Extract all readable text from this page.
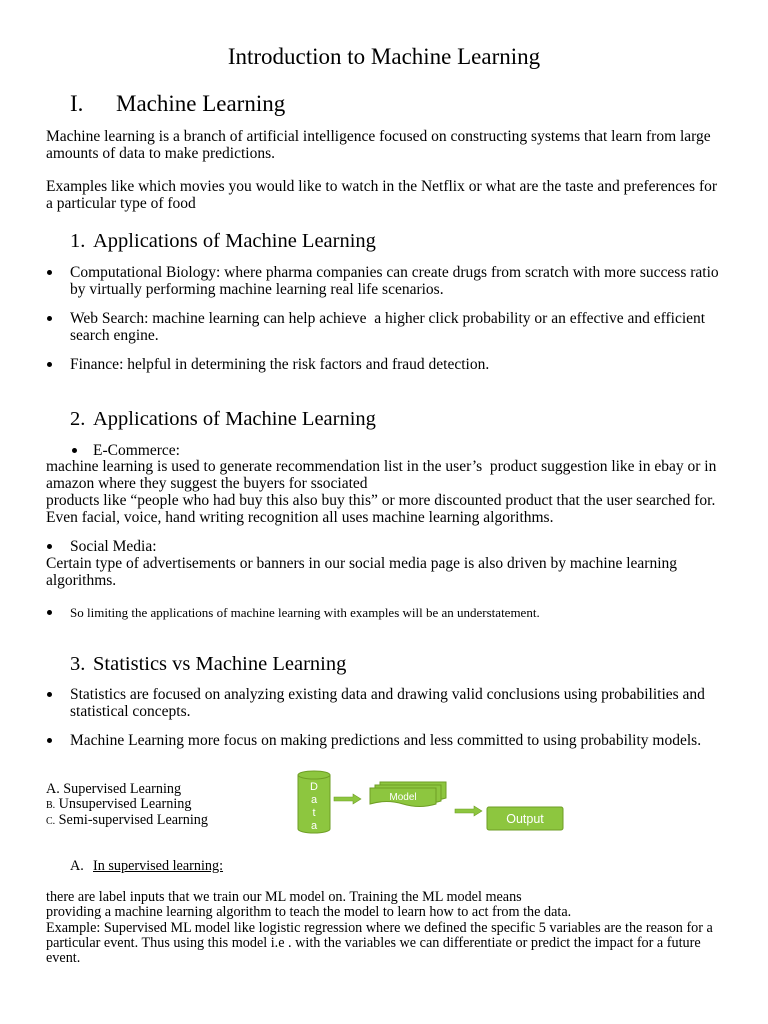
Introduction to Machine Learning
I. Machine Learning
Machine learning is a branch of artificial intelligence focused on constructing systems that learn from large amounts of data to make predictions.
Examples like which movies you would like to watch in the Netflix or what are the taste and preferences for a particular type of food
1. Applications of Machine Learning
Computational Biology: where pharma companies can create drugs from scratch with more success ratio by virtually performing machine learning real life scenarios.
Web Search: machine learning can help achieve  a higher click probability or an effective and efficient search engine.
Finance: helpful in determining the risk factors and fraud detection.
2. Applications of Machine Learning
E-Commerce:
machine learning is used to generate recommendation list in the user’s  product suggestion like in ebay or in amazon where they suggest the buyers for ssociated
products like “people who had buy this also buy this” or more discounted product that the user searched for. Even facial, voice, hand writing recognition all uses machine learning algorithms.
Social Media:
Certain type of advertisements or banners in our social media page is also driven by machine learning algorithms.
So limiting the applications of machine learning with examples will be an understatement.
3. Statistics vs Machine Learning
Statistics are focused on analyzing existing data and drawing valid conclusions using probabilities and statistical concepts.
Machine Learning more focus on making predictions and less committed to using probability models.
A. Supervised Learning
B. Unsupervised Learning
C. Semi-supervised Learning	Data	Model
Output
A. In supervised learning:
there are label inputs that we train our ML model on. Training the ML model means
providing a machine learning algorithm to teach the model to learn how to act from the data.
Example: Supervised ML model like logistic regression where we defined the specific 5 variables are the reason for a particular event. Thus using this model i.e . with the variables we can differentiate or predict the impact for a future event.
